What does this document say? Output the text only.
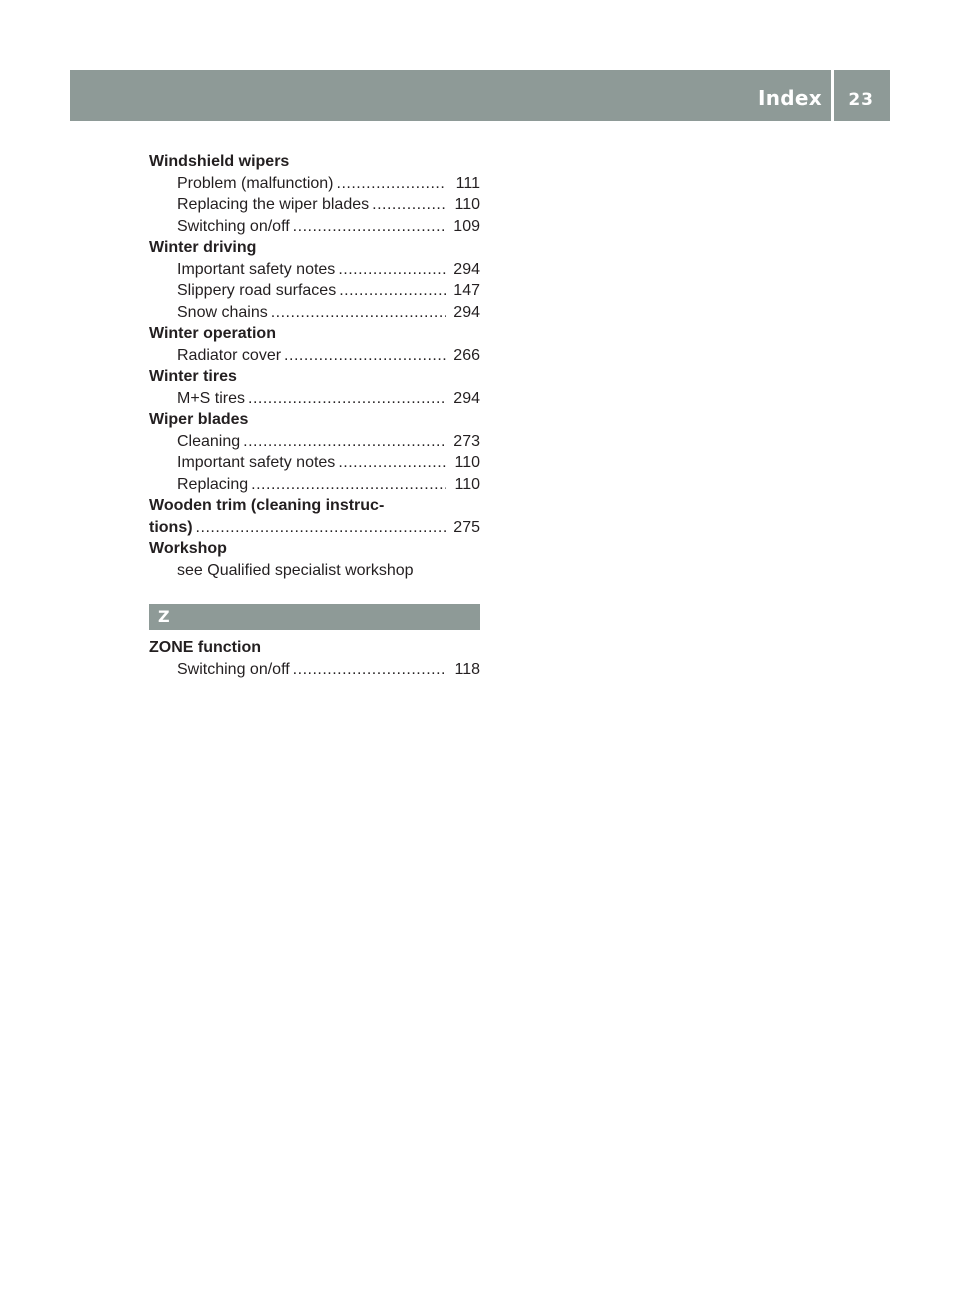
Index 23
Windshield wipers
Problem (malfunction) .....	111
Replacing the wiper blades .....	110
Switching on/off .....	109
Winter driving
Important safety notes .....	294
Slippery road surfaces .....	147
Snow chains .....	294
Winter operation
Radiator cover .....	266
Winter tires
M+S tires .....	294
Wiper blades
Cleaning .....	273
Important safety notes .....	110
Replacing .....	110
Wooden trim (cleaning instruc-
tions) .....	275
Workshop
see Qualified specialist workshop
Z
ZONE function
Switching on/off .....	118
